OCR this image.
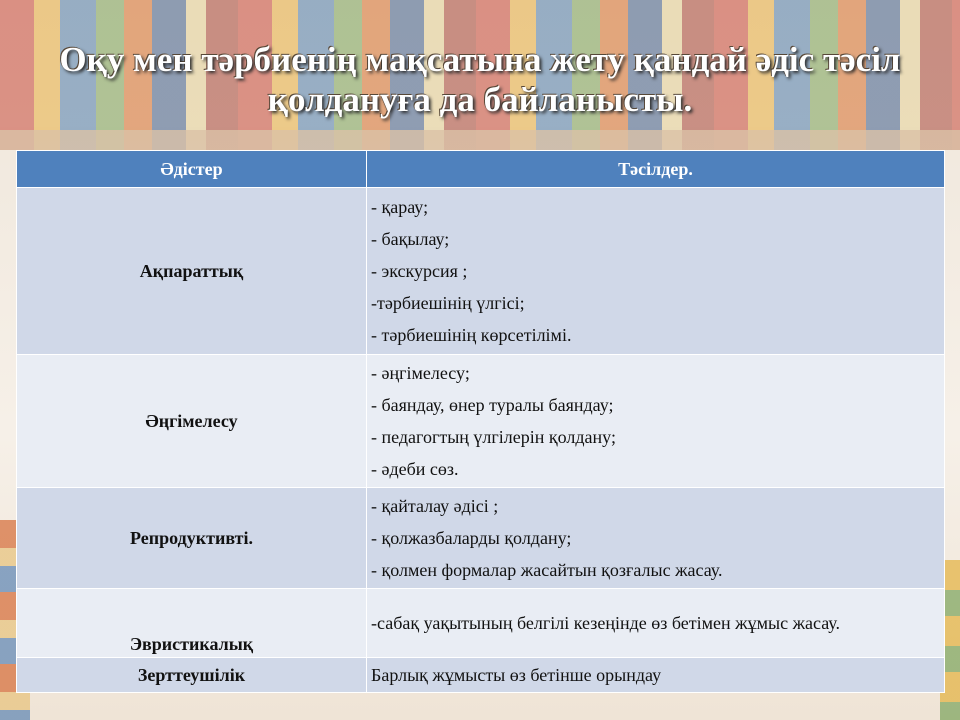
Оқу мен тәрбиенің мақсатына жету қандай әдіс тәсіл қолдануға да байланысты.
Әдістер	Тәсілдер.
Ақпараттық	- қарау;
- бақылау;
- экскурсия ;
-тәрбиешінің үлгісі;
- тәрбиешінің көрсетілімі.

Әңгімелесу	- әңгімелесу;
- баяндау, өнер туралы баяндау;
- педагогтың үлгілерін қолдану;
- әдеби сөз.

Репродуктивті.	- қайталау әдісі ;
- қолжазбаларды қолдану;
- қолмен формалар жасайтын қозғалыс жасау.

Эвристикалық	-сабақ уақытының белгілі кезеңінде өз бетімен жұмыс жасау.

Зерттеушілік	Барлық жұмысты өз бетінше орындау
